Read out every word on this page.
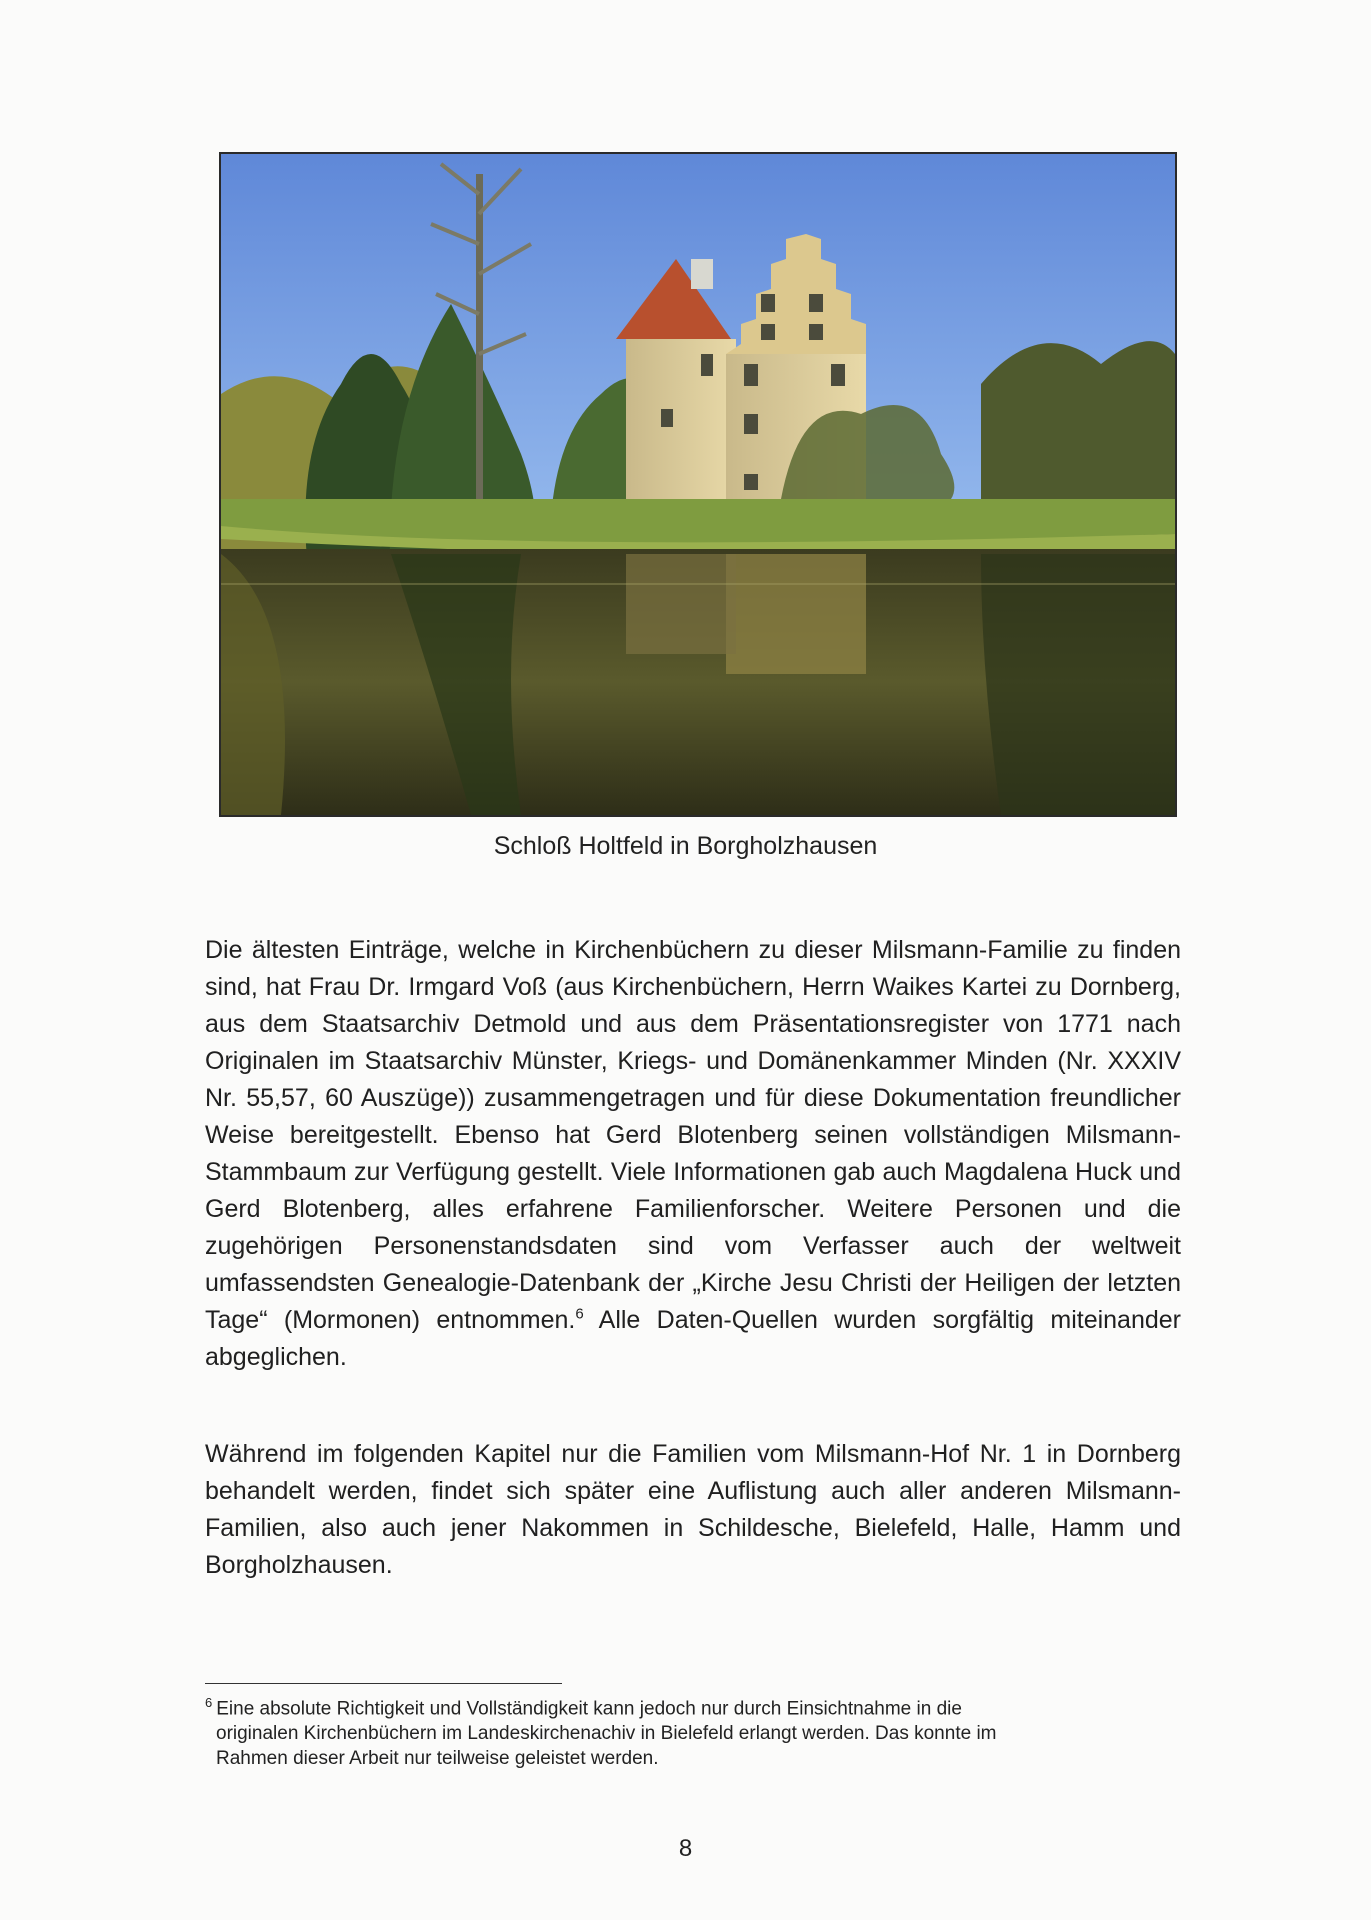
Schloß Holtfeld in Borgholzhausen
Die ältesten Einträge, welche in Kirchenbüchern zu dieser Milsmann-Familie zu finden sind, hat Frau Dr. Irmgard Voß (aus Kirchenbüchern, Herrn Waikes Kartei zu Dornberg, aus dem Staatsarchiv Detmold und aus dem Präsentationsregister von 1771 nach Originalen im Staatsarchiv Münster, Kriegs- und Domänenkammer Minden (Nr. XXXIV Nr. 55,57, 60 Auszüge)) zusammengetragen und für diese Dokumentation freundlicher Weise bereitgestellt. Ebenso hat Gerd Blotenberg seinen vollständigen Milsmann-Stammbaum zur Verfügung gestellt. Viele Informationen gab auch Magdalena Huck und Gerd Blotenberg, alles erfahrene Familienforscher. Weitere Personen und die zugehörigen Personenstandsdaten sind vom Verfasser auch der weltweit umfassendsten Genealogie-Datenbank der „Kirche Jesu Christi der Heiligen der letzten Tage“ (Mormonen) entnommen.$^6$ Alle Daten-Quellen wurden sorgfältig miteinander abgeglichen.
Während im folgenden Kapitel nur die Familien vom Milsmann-Hof Nr. 1 in Dornberg behandelt werden, findet sich später eine Auflistung auch aller anderen Milsmann-Familien, also auch jener Nakommen in Schildesche, Bielefeld, Halle, Hamm und Borgholzhausen.
$^6$ Eine absolute Richtigkeit und Vollständigkeit kann jedoch nur durch Einsichtnahme in die
originalen Kirchenbüchern im Landeskirchenachiv in Bielefeld erlangt werden. Das konnte im
Rahmen dieser Arbeit nur teilweise geleistet werden.
8
